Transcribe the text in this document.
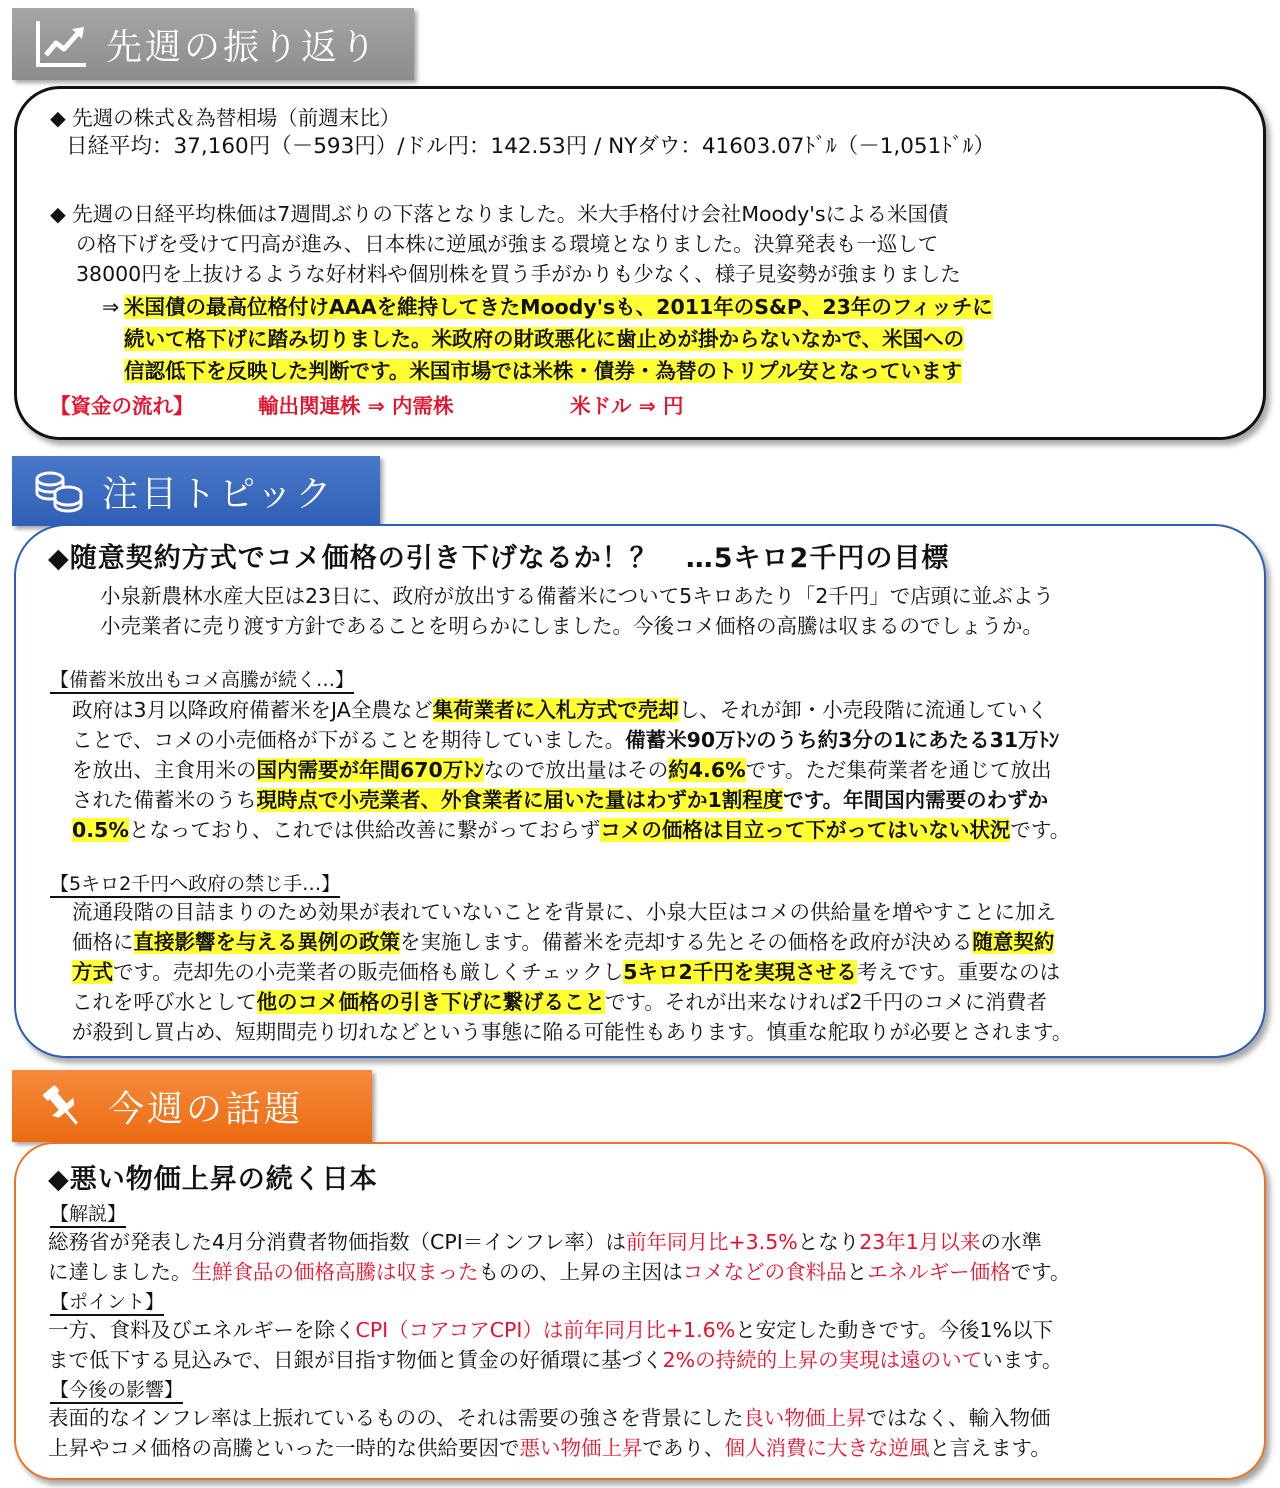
先週の振り返り
◆ 先週の株式＆為替相場（前週末比）
日経平均：37,160円（－593円）/ドル円：142.53円 / NYダウ：41603.07ﾄﾞﾙ（－1,051ﾄﾞﾙ）
◆ 先週の日経平均株価は7週間ぶりの下落となりました。米大手格付け会社Moody'sによる米国債
の格下げを受けて円高が進み、日本株に逆風が強まる環境となりました。決算発表も一巡して
38000円を上抜けるような好材料や個別株を買う手がかりも少なく、様子見姿勢が強まりました
⇒ 米国債の最高位格付けAAAを維持してきたMoody'sも、2011年のS&P、23年のフィッチに
続いて格下げに踏み切りました。米政府の財政悪化に歯止めが掛からないなかで、米国への
信認低下を反映した判断です。米国市場では米株・債券・為替のトリプル安となっています
【資金の流れ】	輸出関連株 ⇒ 内需株	米ドル ⇒ 円
注目トピック
◆随意契約方式でコメ価格の引き下げなるか！？　…5キロ2千円の目標
小泉新農林水産大臣は23日に、政府が放出する備蓄米について5キロあたり「2千円」で店頭に並ぶよう
小売業者に売り渡す方針であることを明らかにしました。今後コメ価格の高騰は収まるのでしょうか。
【備蓄米放出もコメ高騰が続く…】
政府は3月以降政府備蓄米をJA全農など集荷業者に入札方式で売却し、それが卸・小売段階に流通していく
ことで、コメの小売価格が下がることを期待していました。備蓄米90万ﾄﾝのうち約3分の1にあたる31万ﾄﾝ
を放出、主食用米の国内需要が年間670万ﾄﾝなので放出量はその約4.6%です。ただ集荷業者を通じて放出
された備蓄米のうち現時点で小売業者、外食業者に届いた量はわずか1割程度です。年間国内需要のわずか
0.5%となっており、これでは供給改善に繋がっておらずコメの価格は目立って下がってはいない状況です。
【5キロ2千円へ政府の禁じ手…】
流通段階の目詰まりのため効果が表れていないことを背景に、小泉大臣はコメの供給量を増やすことに加え
価格に直接影響を与える異例の政策を実施します。備蓄米を売却する先とその価格を政府が決める随意契約
方式です。売却先の小売業者の販売価格も厳しくチェックし5キロ2千円を実現させる考えです。重要なのは
これを呼び水として他のコメ価格の引き下げに繋げることです。それが出来なければ2千円のコメに消費者
が殺到し買占め、短期間売り切れなどという事態に陥る可能性もあります。慎重な舵取りが必要とされます。
今週の話題
◆悪い物価上昇の続く日本
【解説】
総務省が発表した4月分消費者物価指数（CPI＝インフレ率）は前年同月比+3.5%となり23年1月以来の水準
に達しました。生鮮食品の価格高騰は収まったものの、上昇の主因はコメなどの食料品とエネルギー価格です。
【ポイント】
一方、食料及びエネルギーを除くCPI（コアコアCPI）は前年同月比+1.6%と安定した動きです。今後1%以下
まで低下する見込みで、日銀が目指す物価と賃金の好循環に基づく2%の持続的上昇の実現は遠のいています。
【今後の影響】
表面的なインフレ率は上振れているものの、それは需要の強さを背景にした良い物価上昇ではなく、輸入物価
上昇やコメ価格の高騰といった一時的な供給要因で悪い物価上昇であり、個人消費に大きな逆風と言えます。
